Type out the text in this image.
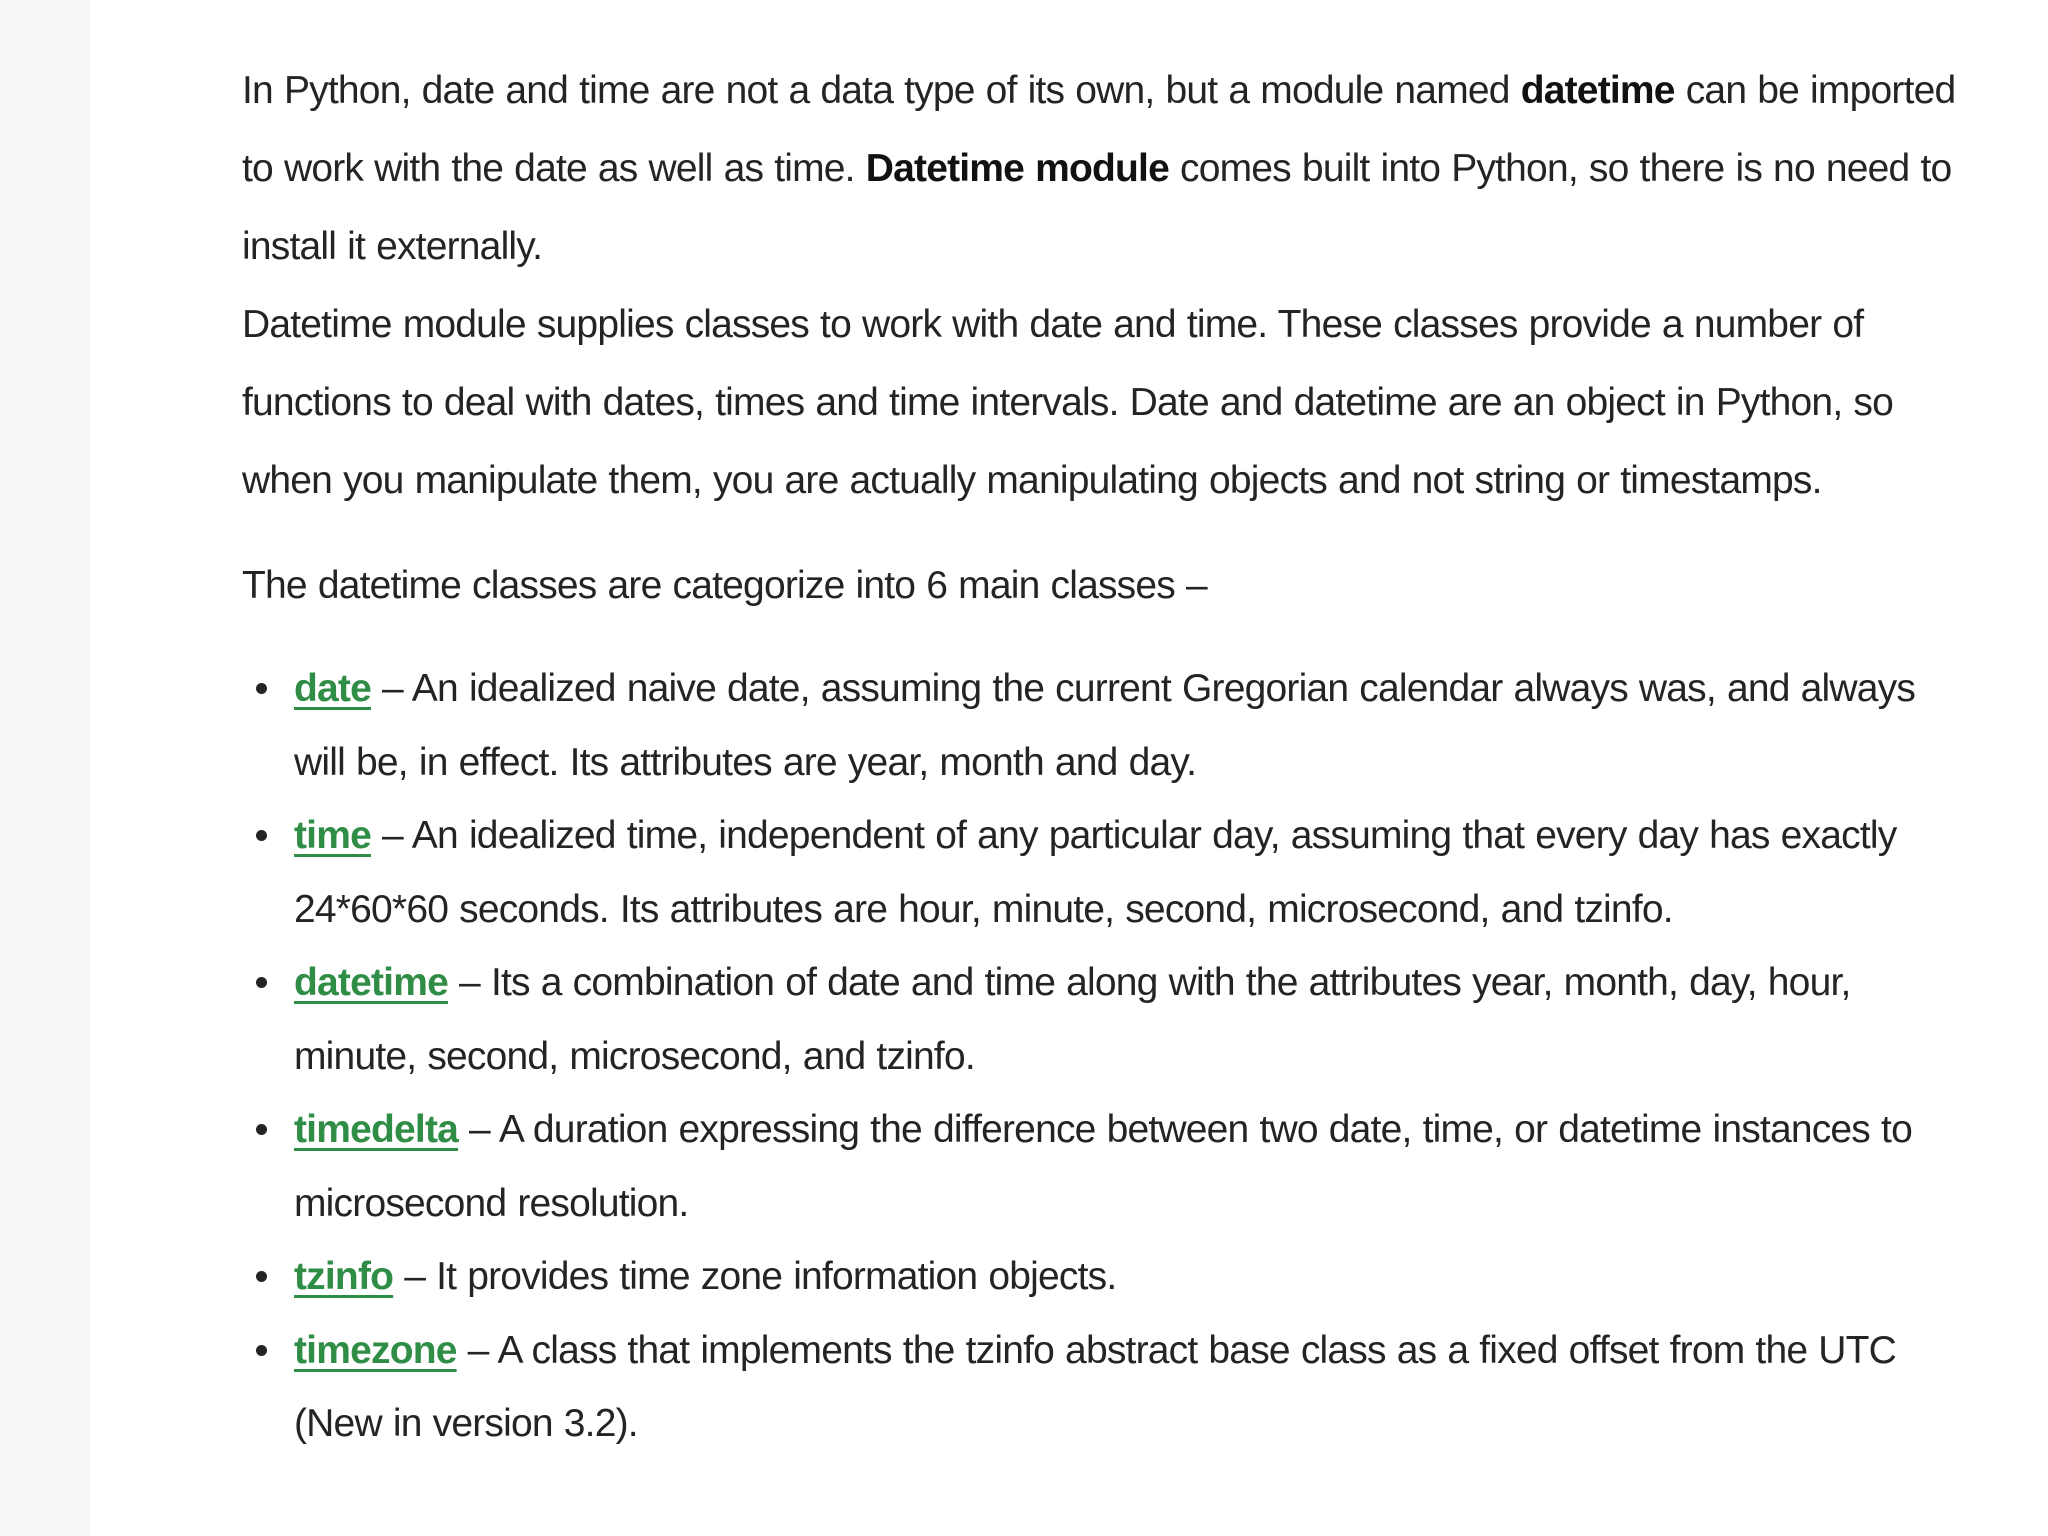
In Python, date and time are not a data type of its own, but a module named datetime can be imported to work with the date as well as time. Datetime module comes built into Python, so there is no need to install it externally.

Datetime module supplies classes to work with date and time. These classes provide a number of functions to deal with dates, times and time intervals. Date and datetime are an object in Python, so when you manipulate them, you are actually manipulating objects and not string or timestamps.

The datetime classes are categorize into 6 main classes –

date – An idealized naive date, assuming the current Gregorian calendar always was, and always will be, in effect. Its attributes are year, month and day.
time – An idealized time, independent of any particular day, assuming that every day has exactly 24*60*60 seconds. Its attributes are hour, minute, second, microsecond, and tzinfo.
datetime – Its a combination of date and time along with the attributes year, month, day, hour, minute, second, microsecond, and tzinfo.
timedelta – A duration expressing the difference between two date, time, or datetime instances to microsecond resolution.
tzinfo – It provides time zone information objects.
timezone – A class that implements the tzinfo abstract base class as a fixed offset from the UTC (New in version 3.2).
